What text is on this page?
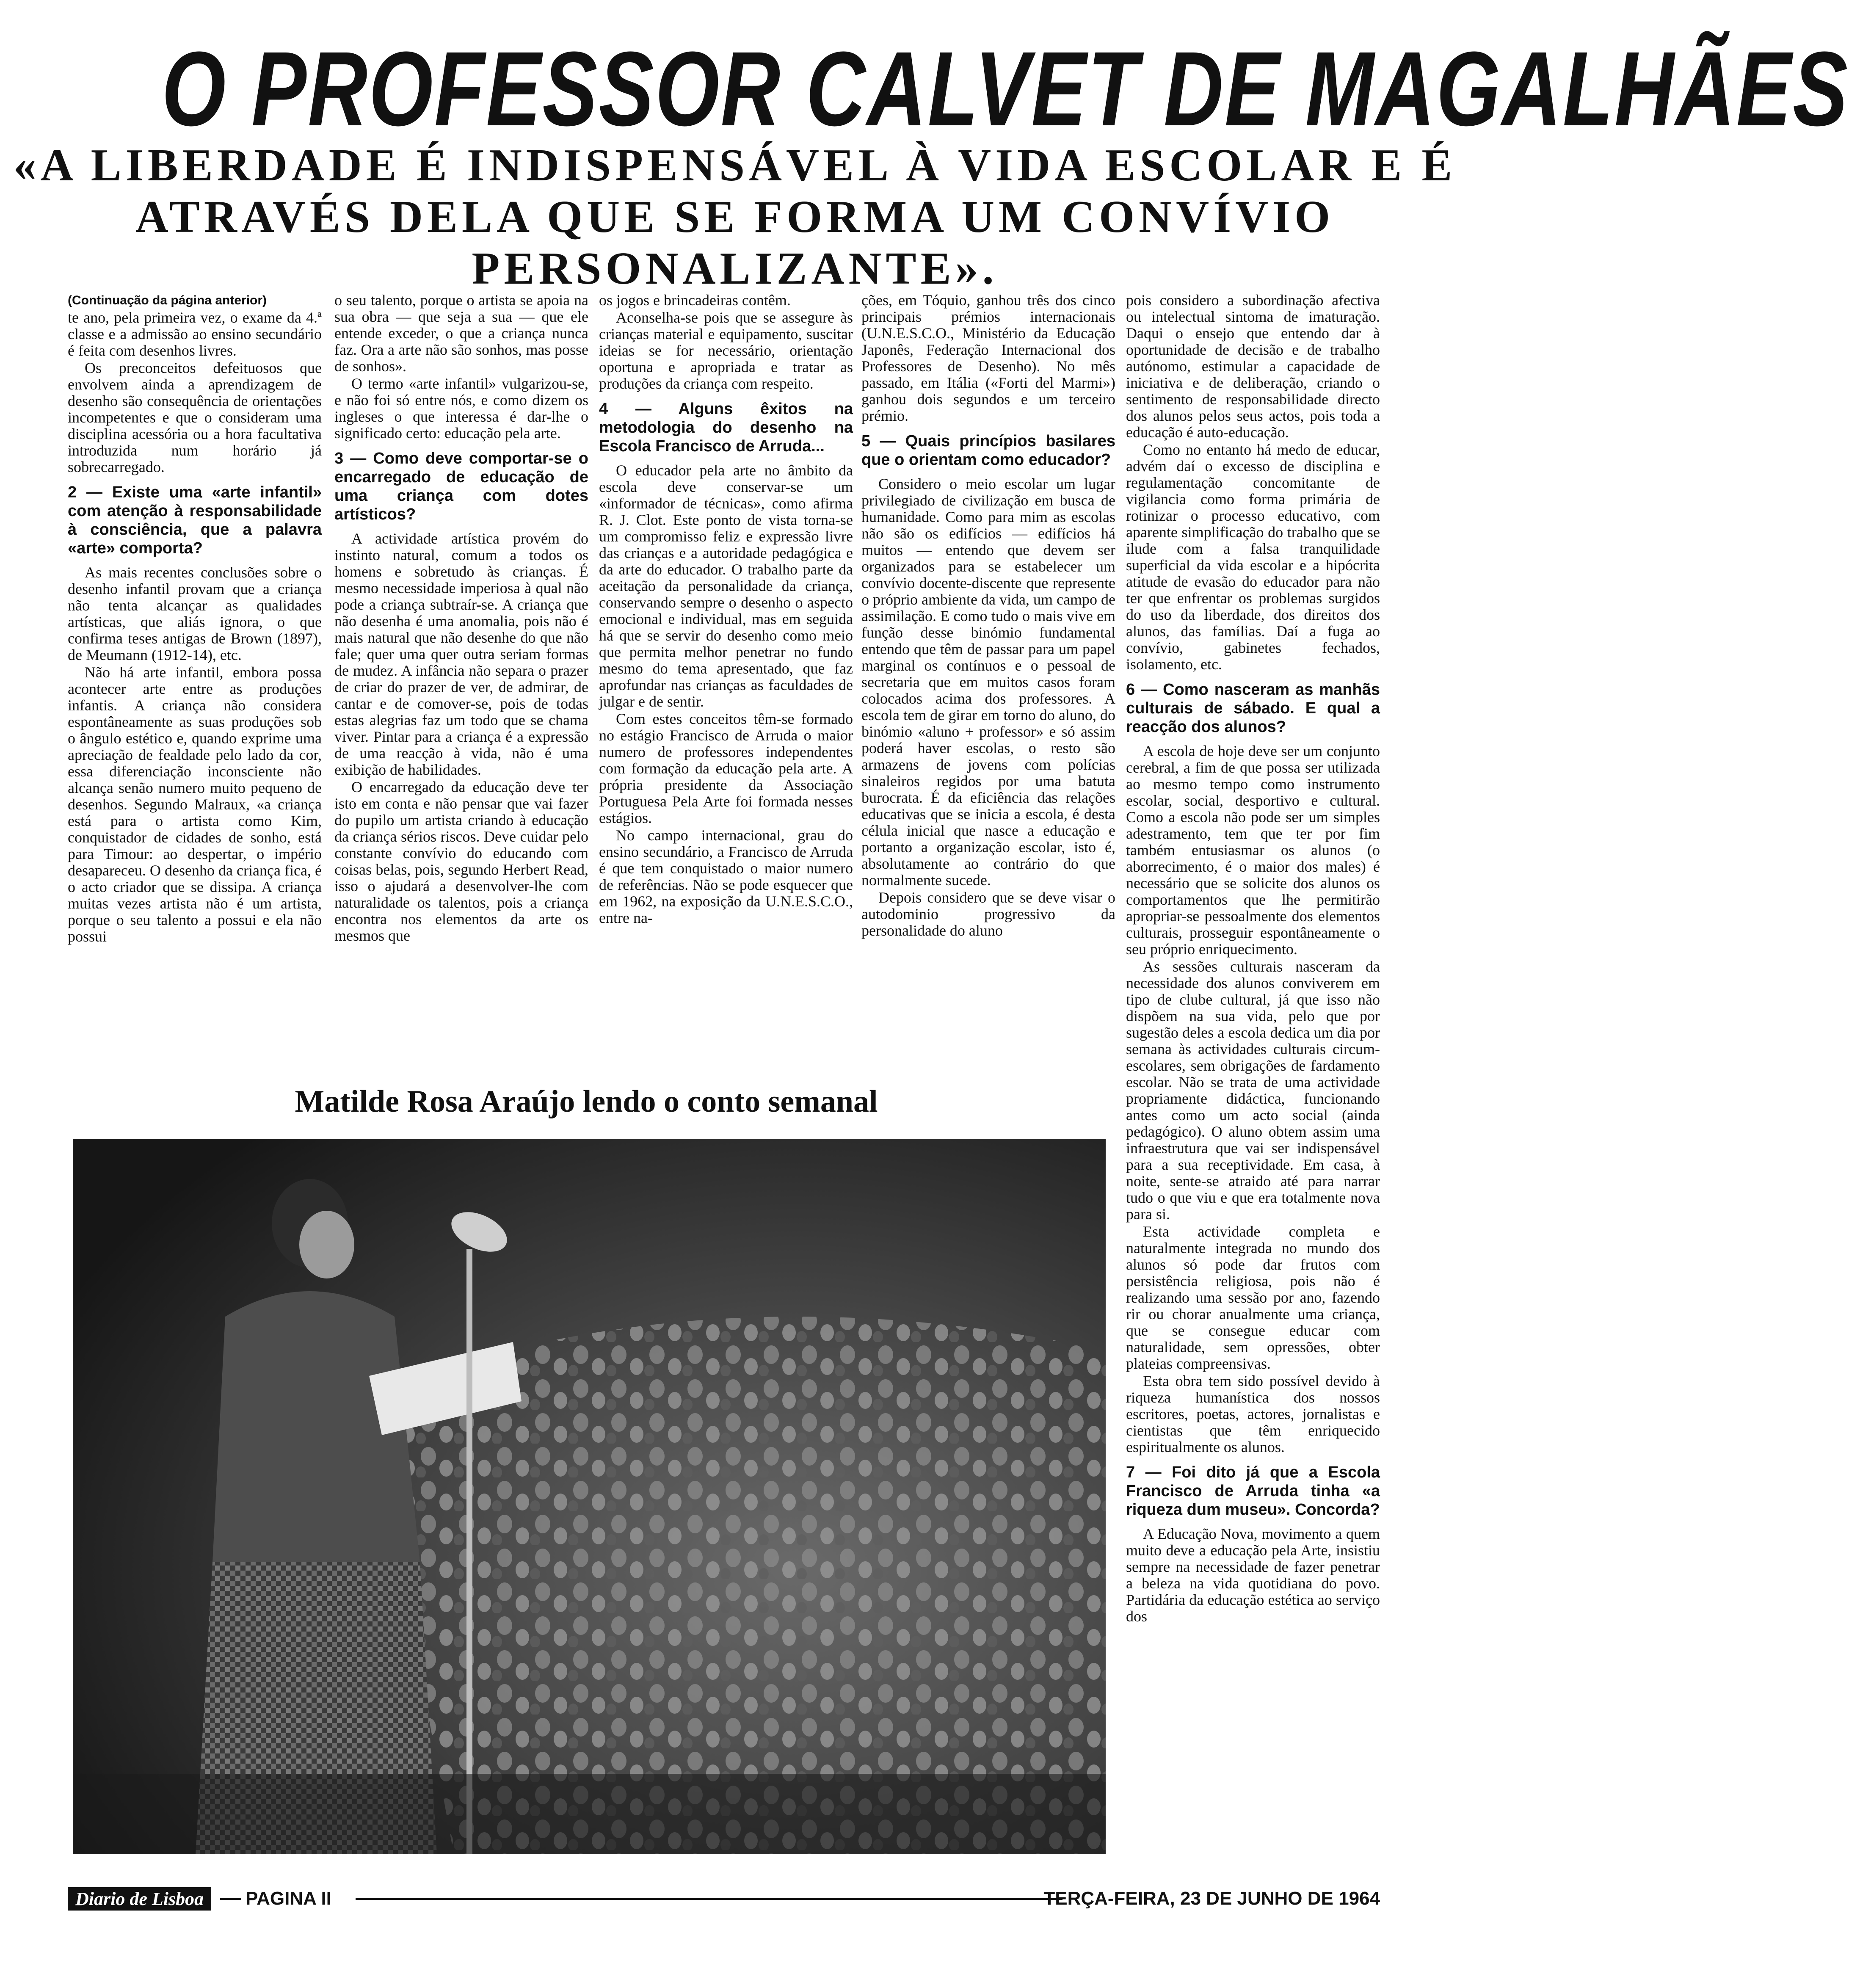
O PROFESSOR CALVET DE MAGALHÃES
«A LIBERDADE É INDISPENSÁVEL À VIDA ESCOLAR E É ATRAVÉS DELA QUE SE FORMA UM CONVÍVIO PERSONALIZANTE».

(Continuação da página anterior)

te ano, pela primeira vez, o exame da 4.ª classe e a admissão ao ensino secundário é feita com desenhos livres.

Os preconceitos defeituosos que envolvem ainda a aprendizagem de desenho são consequência de orientações incompetentes e que o consideram uma disciplina acessória ou a hora facultativa introduzida num horário já sobrecarregado.

2 — Existe uma «arte infantil» com atenção à responsabilidade à consciência, que a palavra «arte» comporta?

As mais recentes conclusões sobre o desenho infantil provam que a criança não tenta alcançar as qualidades artísticas, que aliás ignora, o que confirma teses antigas de Brown (1897), de Meumann (1912-14), etc.

Não há arte infantil, embora possa acontecer arte entre as produções infantis. A criança não considera espontâneamente as suas produções sob o ângulo estético e, quando exprime uma apreciação de fealdade pelo lado da cor, essa diferenciação inconsciente não alcança senão numero muito pequeno de desenhos. Segundo Malraux, «a criança está para o artista como Kim, conquistador de cidades de sonho, está para Timour: ao despertar, o império desapareceu. O desenho da criança fica, é o acto criador que se dissipa. A criança muitas vezes artista não é um artista, porque o seu talento a possui e ela não possui

o seu talento, porque o artista se apoia na sua obra — que seja a sua — que ele entende exceder, o que a criança nunca faz. Ora a arte não são sonhos, mas posse de sonhos».

O termo «arte infantil» vulgarizou-se, e não foi só entre nós, e como dizem os ingleses o que interessa é dar-lhe o significado certo: educação pela arte.

3 — Como deve comportar-se o encarregado de educação de uma criança com dotes artísticos?

A actividade artística provém do instinto natural, comum a todos os homens e sobretudo às crianças. É mesmo necessidade imperiosa à qual não pode a criança subtraír-se. A criança que não desenha é uma anomalia, pois não é mais natural que não desenhe do que não fale; quer uma quer outra seriam formas de mudez. A infância não separa o prazer de criar do prazer de ver, de admirar, de cantar e de comover-se, pois de todas estas alegrias faz um todo que se chama viver. Pintar para a criança é a expressão de uma reacção à vida, não é uma exibição de habilidades.

O encarregado da educação deve ter isto em conta e não pensar que vai fazer do pupilo um artista criando à educação da criança sérios riscos. Deve cuidar pelo constante convívio do educando com coisas belas, pois, segundo Herbert Read, isso o ajudará a desenvolver-lhe com naturalidade os talentos, pois a criança encontra nos elementos da arte os mesmos que

os jogos e brincadeiras contêm.

Aconselha-se pois que se assegure às crianças material e equipamento, suscitar ideias se for necessário, orientação oportuna e apropriada e tratar as produções da criança com respeito.

4 — Alguns êxitos na metodologia do desenho na Escola Francisco de Arruda...

O educador pela arte no âmbito da escola deve conservar-se um «informador de técnicas», como afirma R. J. Clot. Este ponto de vista torna-se um compromisso feliz e expressão livre das crianças e a autoridade pedagógica e da arte do educador. O trabalho parte da aceitação da personalidade da criança, conservando sempre o desenho o aspecto emocional e individual, mas em seguida há que se servir do desenho como meio que permita melhor penetrar no fundo mesmo do tema apresentado, que faz aprofundar nas crianças as faculdades de julgar e de sentir.

Com estes conceitos têm-se formado no estágio Francisco de Arruda o maior numero de professores independentes com formação da educação pela arte. A própria presidente da Associação Portuguesa Pela Arte foi formada nesses estágios.

No campo internacional, grau do ensino secundário, a Francisco de Arruda é que tem conquistado o maior numero de referências. Não se pode esquecer que em 1962, na exposição da U.N.E.S.C.O., entre na-

ções, em Tóquio, ganhou três dos cinco principais prémios internacionais (U.N.E.S.C.O., Ministério da Educação Japonês, Federação Internacional dos Professores de Desenho). No mês passado, em Itália («Forti del Marmi») ganhou dois segundos e um terceiro prémio.

5 — Quais princípios basilares que o orientam como educador?

Considero o meio escolar um lugar privilegiado de civilização em busca de humanidade. Como para mim as escolas não são os edifícios — edifícios há muitos — entendo que devem ser organizados para se estabelecer um convívio docente-discente que represente o próprio ambiente da vida, um campo de assimilação. E como tudo o mais vive em função desse binómio fundamental entendo que têm de passar para um papel marginal os contínuos e o pessoal de secretaria que em muitos casos foram colocados acima dos professores. A escola tem de girar em torno do aluno, do binómio «aluno + professor» e só assim poderá haver escolas, o resto são armazens de jovens com polícias sinaleiros regidos por uma batuta burocrata. É da eficiência das relações educativas que se inicia a escola, é desta célula inicial que nasce a educação e portanto a organização escolar, isto é, absolutamente ao contrário do que normalmente sucede.

Depois considero que se deve visar o autodominio progressivo da personalidade do aluno

pois considero a subordinação afectiva ou intelectual sintoma de imaturação. Daqui o ensejo que entendo dar à oportunidade de decisão e de trabalho autónomo, estimular a capacidade de iniciativa e de deliberação, criando o sentimento de responsabilidade directo dos alunos pelos seus actos, pois toda a educação é auto-educação.

Como no entanto há medo de educar, advém daí o excesso de disciplina e regulamentação concomitante de vigilancia como forma primária de rotinizar o processo educativo, com aparente simplificação do trabalho que se ilude com a falsa tranquilidade superficial da vida escolar e a hipócrita atitude de evasão do educador para não ter que enfrentar os problemas surgidos do uso da liberdade, dos direitos dos alunos, das famílias. Daí a fuga ao convívio, gabinetes fechados, isolamento, etc.

6 — Como nasceram as manhãs culturais de sábado. E qual a reacção dos alunos?

A escola de hoje deve ser um conjunto cerebral, a fim de que possa ser utilizada ao mesmo tempo como instrumento escolar, social, desportivo e cultural. Como a escola não pode ser um simples adestramento, tem que ter por fim também entusiasmar os alunos (o aborrecimento, é o maior dos males) é necessário que se solicite dos alunos os comportamentos que lhe permitirão apropriar-se pessoalmente dos elementos culturais, prosseguir espontâneamente o seu próprio enriquecimento.

As sessões culturais nasceram da necessidade dos alunos conviverem em tipo de clube cultural, já que isso não dispõem na sua vida, pelo que por sugestão deles a escola dedica um dia por semana às actividades culturais circum-escolares, sem obrigações de fardamento escolar. Não se trata de uma actividade propriamente didáctica, funcionando antes como um acto social (ainda pedagógico). O aluno obtem assim uma infraestrutura que vai ser indispensável para a sua receptividade. Em casa, à noite, sente-se atraido até para narrar tudo o que viu e que era totalmente nova para si.

Esta actividade completa e naturalmente integrada no mundo dos alunos só pode dar frutos com persistência religiosa, pois não é realizando uma sessão por ano, fazendo rir ou chorar anualmente uma criança, que se consegue educar com naturalidade, sem opressões, obter plateias compreensivas.

Esta obra tem sido possível devido à riqueza humanística dos nossos escritores, poetas, actores, jornalistas e cientistas que têm enriquecido espiritualmente os alunos.

7 — Foi dito já que a Escola Francisco de Arruda tinha «a riqueza dum museu». Concorda?

A Educação Nova, movimento a quem muito deve a educação pela Arte, insistiu sempre na necessidade de fazer penetrar a beleza na vida quotidiana do povo. Partidária da educação estética ao serviço dos

Matilde Rosa Araújo lendo o conto semanal
Diario de Lisboa	PAGINA II	TERÇA-FEIRA, 23 DE JUNHO DE 1964
